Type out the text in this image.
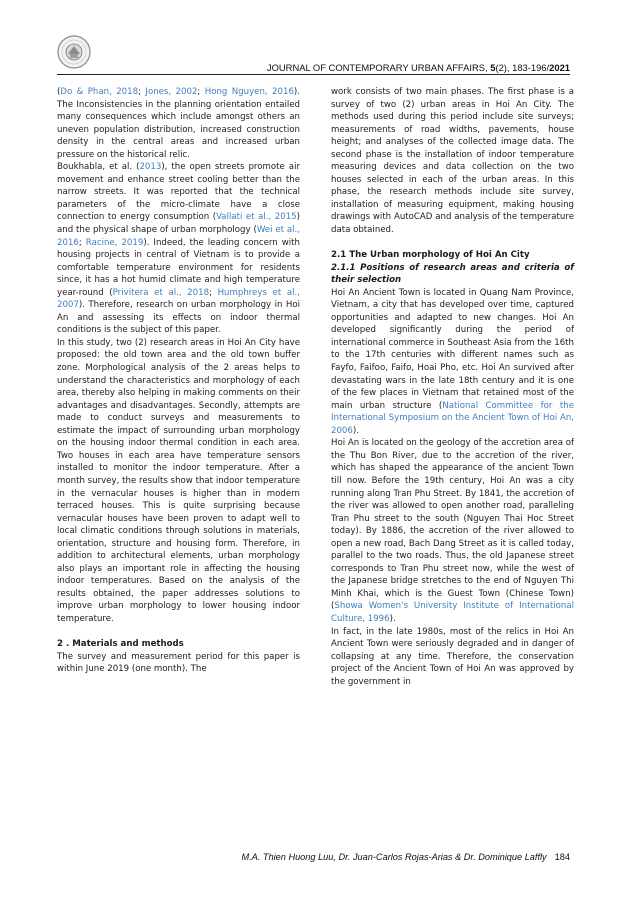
JOURNAL OF CONTEMPORARY URBAN AFFAIRS, 5(2), 183-196/2021

(Do & Phan, 2018; Jones, 2002; Hong Nguyen, 2016). The Inconsistencies in the planning orientation entailed many consequences which include amongst others an uneven population distribution, increased construction density in the central areas and increased urban pressure on the historical relic.

Boukhabla, et al. (2013), the open streets promote air movement and enhance street cooling better than the narrow streets. It was reported that the technical parameters of the micro-climate have a close connection to energy consumption (Vallati et al., 2015) and the physical shape of urban morphology (Wei et al., 2016; Racine, 2019). Indeed, the leading concern with housing projects in central of Vietnam is to provide a comfortable temperature environment for residents since, it has a hot humid climate and high temperature year-round (Privitera et al., 2018; Humphreys et al., 2007). Therefore, research on urban morphology in Hoi An and assessing its effects on indoor thermal conditions is the subject of this paper.

In this study, two (2) research areas in Hoi An City have proposed: the old town area and the old town buffer zone. Morphological analysis of the 2 areas helps to understand the characteristics and morphology of each area, thereby also helping in making comments on their advantages and disadvantages. Secondly, attempts are made to conduct surveys and measurements to estimate the impact of surrounding urban morphology on the housing indoor thermal condition in each area. Two houses in each area have temperature sensors installed to monitor the indoor temperature. After a month survey, the results show that indoor temperature in the vernacular houses is higher than in modern terraced houses. This is quite surprising because vernacular houses have been proven to adapt well to local climatic conditions through solutions in materials, orientation, structure and housing form. Therefore, in addition to architectural elements, urban morphology also plays an important role in affecting the housing indoor temperatures. Based on the analysis of the results obtained, the paper addresses solutions to improve urban morphology to lower housing indoor temperature.

2 . Materials and methods

The survey and measurement period for this paper is within June 2019 (one month). The

work consists of two main phases. The first phase is a survey of two (2) urban areas in Hoi An City. The methods used during this period include site surveys; measurements of road widths, pavements, house height; and analyses of the collected image data. The second phase is the installation of indoor temperature measuring devices and data collection on the two houses selected in each of the urban areas. In this phase, the research methods include site survey, installation of measuring equipment, making housing drawings with AutoCAD and analysis of the temperature data obtained.

2.1 The Urban morphology of Hoi An City

2.1.1 Positions of research areas and criteria of their selection

Hoi An Ancient Town is located in Quang Nam Province, Vietnam, a city that has developed over time, captured opportunities and adapted to new changes. Hoi An developed significantly during the period of international commerce in Southeast Asia from the 16th to the 17th centuries with different names such as Fayfo, Faifoo, Faifo, Hoai Pho, etc. Hoi An survived after devastating wars in the late 18th century and it is one of the few places in Vietnam that retained most of the main urban structure (National Committee for the International Symposium on the Ancient Town of Hoi An, 2006).

Hoi An is located on the geology of the accretion area of the Thu Bon River, due to the accretion of the river, which has shaped the appearance of the ancient Town till now. Before the 19th century, Hoi An was a city running along Tran Phu Street. By 1841, the accretion of the river was allowed to open another road, paralleling Tran Phu street to the south (Nguyen Thai Hoc Street today). By 1886, the accretion of the river allowed to open a new road, Bach Dang Street as it is called today, parallel to the two roads. Thus, the old Japanese street corresponds to Tran Phu street now, while the west of the Japanese bridge stretches to the end of Nguyen Thi Minh Khai, which is the Guest Town (Chinese Town) (Showa Women's University Institute of International Culture, 1996).

In fact, in the late 1980s, most of the relics in Hoi An Ancient Town were seriously degraded and in danger of collapsing at any time. Therefore, the conservation project of the Ancient Town of Hoi An was approved by the government in

M.A. Thien Huong Luu, Dr. Juan-Carlos Rojas-Arias & Dr. Dominique Laffly 184
